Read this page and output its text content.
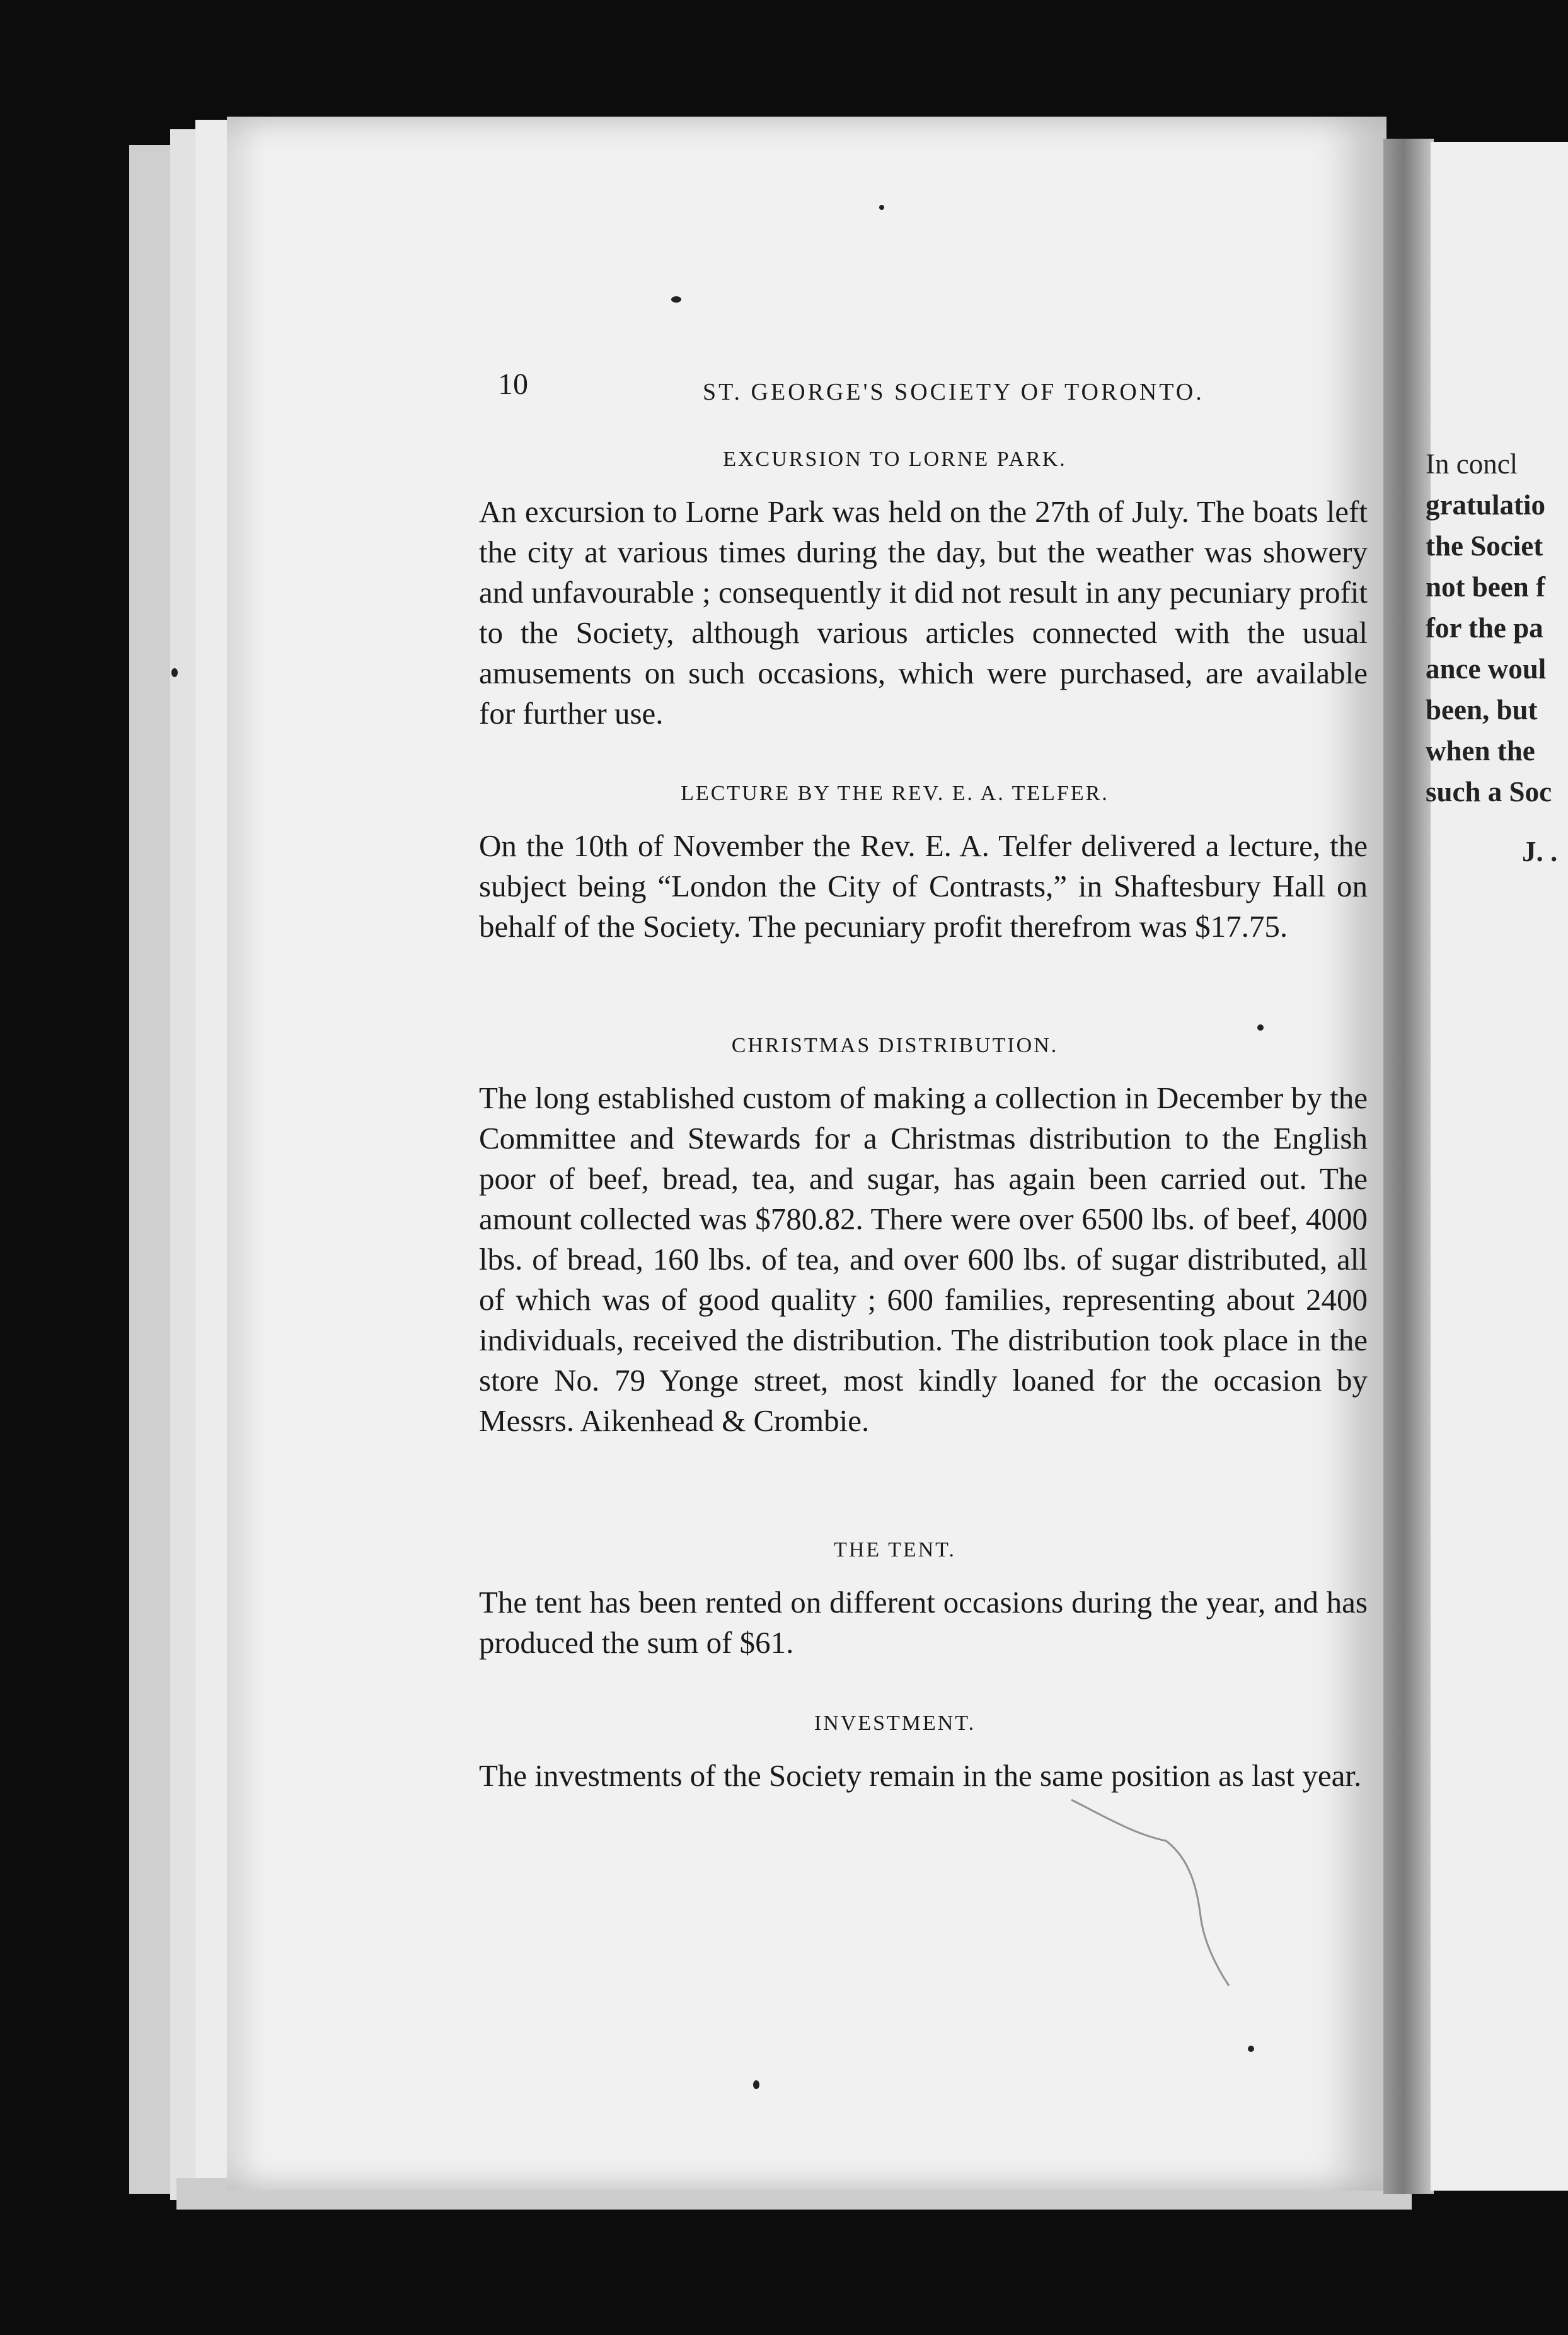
10	ST. GEORGE'S SOCIETY OF TORONTO.
EXCURSION TO LORNE PARK.
An excursion to Lorne Park was held on the 27th of July. The boats left the city at various times during the day, but the weather was showery and unfavourable ; consequently it did not result in any pecuniary profit to the Society, although various articles connected with the usual amusements on such occasions, which were purchased, are available for further use.
LECTURE BY THE REV. E. A. TELFER.
On the 10th of November the Rev. E. A. Telfer delivered a lecture, the subject being “London the City of Contrasts,” in Shaftesbury Hall on behalf of the Society. The pecuniary profit therefrom was $17.75.
CHRISTMAS DISTRIBUTION.
The long established custom of making a collection in December by the Committee and Stewards for a Christmas distribution to the English poor of beef, bread, tea, and sugar, has again been carried out. The amount collected was $780.82. There were over 6500 lbs. of beef, 4000 lbs. of bread, 160 lbs. of tea, and over 600 lbs. of sugar distributed, all of which was of good quality ; 600 families, representing about 2400 individuals, received the distribution. The distribution took place in the store No. 79 Yonge street, most kindly loaned for the occasion by Messrs. Aikenhead & Crombie.
THE TENT.
The tent has been rented on different occasions during the year, and has produced the sum of $61.
INVESTMENT.
The investments of the Society remain in the same position as last year.
In concl
gratulatio
the Societ
not been f
for the pa
ance woul
been, but
when the
such a Soc
J. .
